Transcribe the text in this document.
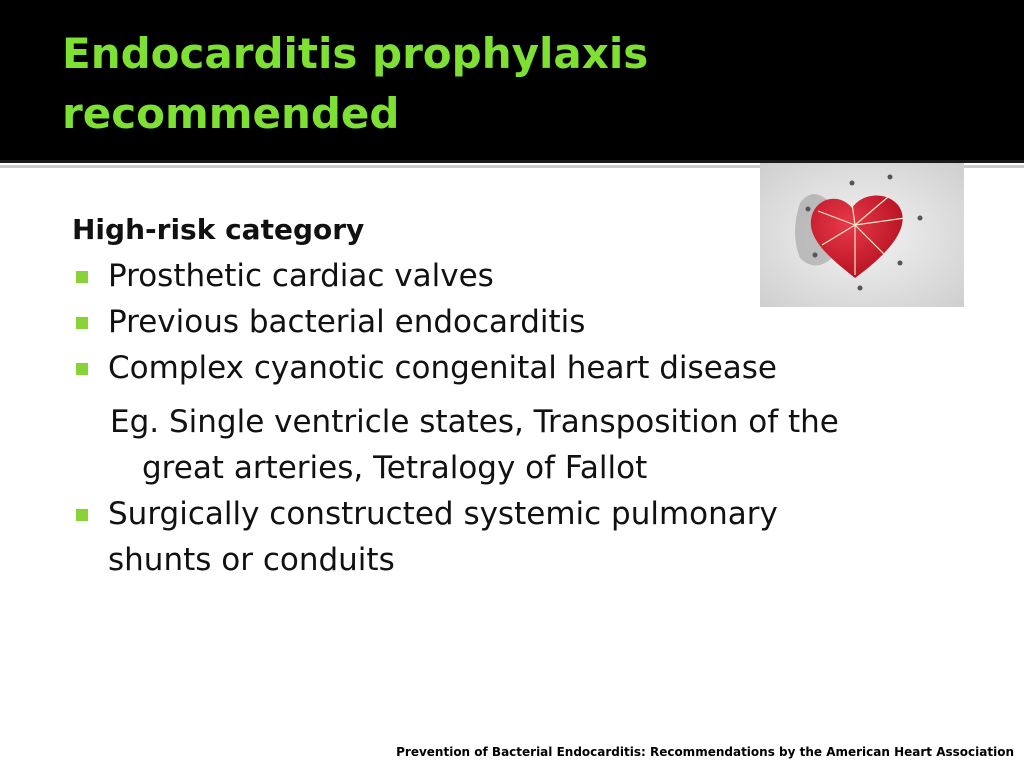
Endocarditis prophylaxis
recommended

High-risk category

Prosthetic cardiac valves
Previous bacterial endocarditis
Complex cyanotic congenital heart disease
Eg. Single ventricle states, Transposition of the
great arteries, Tetralogy of Fallot
Surgically constructed systemic pulmonary
shunts or conduits
Prevention of Bacterial Endocarditis: Recommendations by the American Heart Association
